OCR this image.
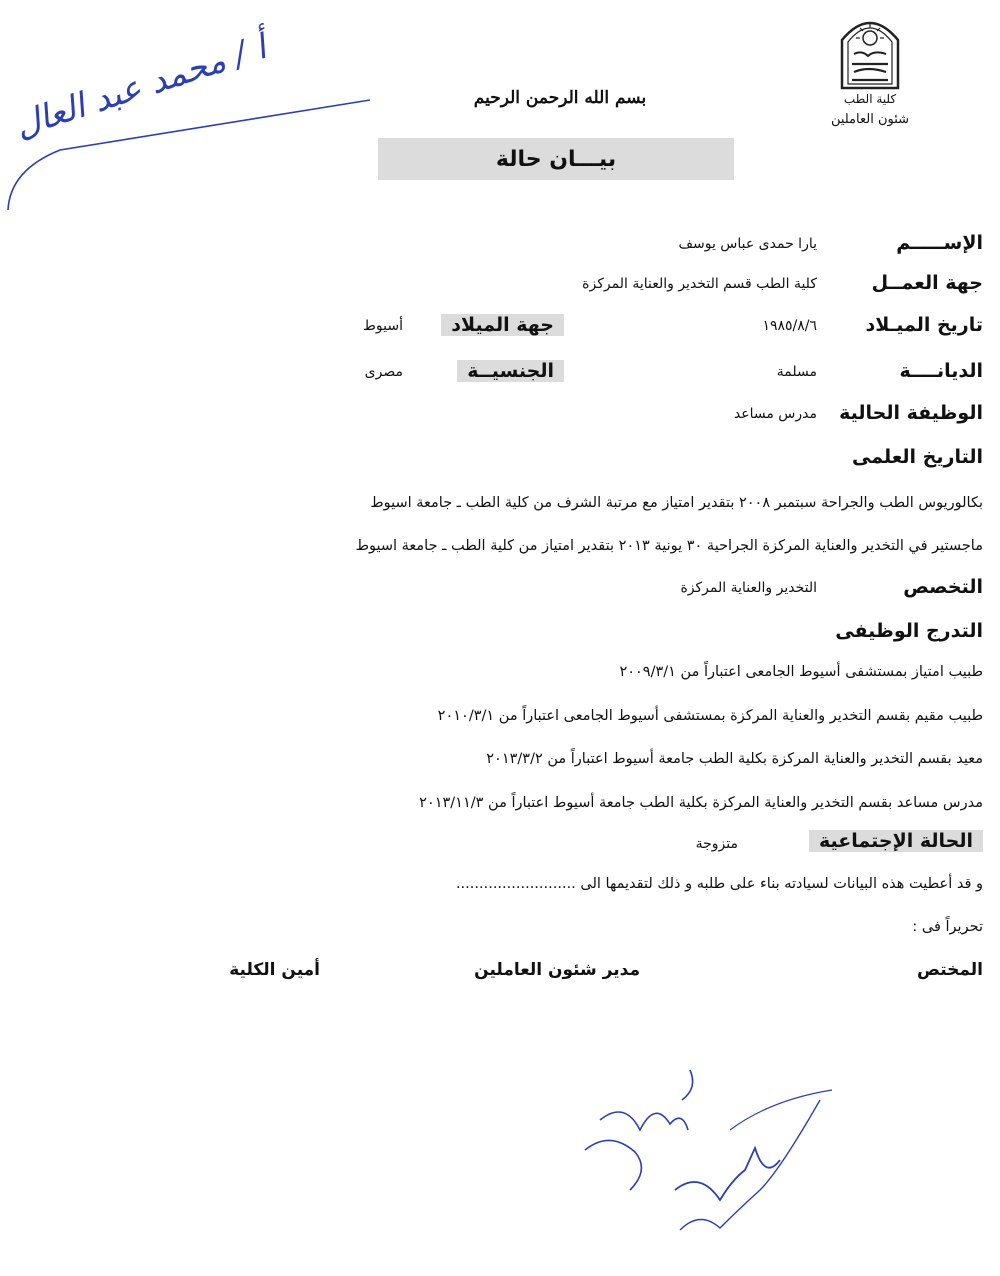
كلية الطب
شئون العاملين
أ / محمد عبد العال	بسم الله الرحمن الرحيم
بيـــان حالة
الإســـــم
يارا حمدى عباس يوسف
جهة العمــل
كلية الطب قسم التخدير والعناية المركزة
تاريخ الميـلاد
١٩٨٥/٨/٦
جهة الميلاد
أسيوط
الديانــــة
مسلمة
الجنسيــة
مصرى
الوظيفة الحالية
مدرس مساعد
التاريخ العلمى
بكالوريوس الطب والجراحة سبتمبر ٢٠٠٨ بتقدير امتياز مع مرتبة الشرف من كلية الطب ـ جامعة اسيوط
ماجستير في التخدير والعناية المركزة الجراحية ٣٠ يونية ٢٠١٣ بتقدير امتياز من كلية الطب ـ جامعة اسيوط
التخصص
التخدير والعناية المركزة
التدرج الوظيفى
طبيب امتياز بمستشفى أسيوط الجامعى اعتباراً من ٢٠٠٩/٣/١
طبيب مقيم بقسم التخدير والعناية المركزة بمستشفى أسيوط الجامعى اعتباراً من ٢٠١٠/٣/١
معيد بقسم التخدير والعناية المركزة بكلية الطب جامعة أسيوط اعتباراً من ٢٠١٣/٣/٢
مدرس مساعد بقسم التخدير والعناية المركزة بكلية الطب جامعة أسيوط اعتباراً من ٢٠١٣/١١/٣
الحالة الإجتماعية
متزوجة
و قد أعطيت هذه البيانات لسيادته بناء على طلبه و ذلك لتقديمها الى ..........................
تحريراً فى :
المختص
مدير شئون العاملين
أمين الكلية
